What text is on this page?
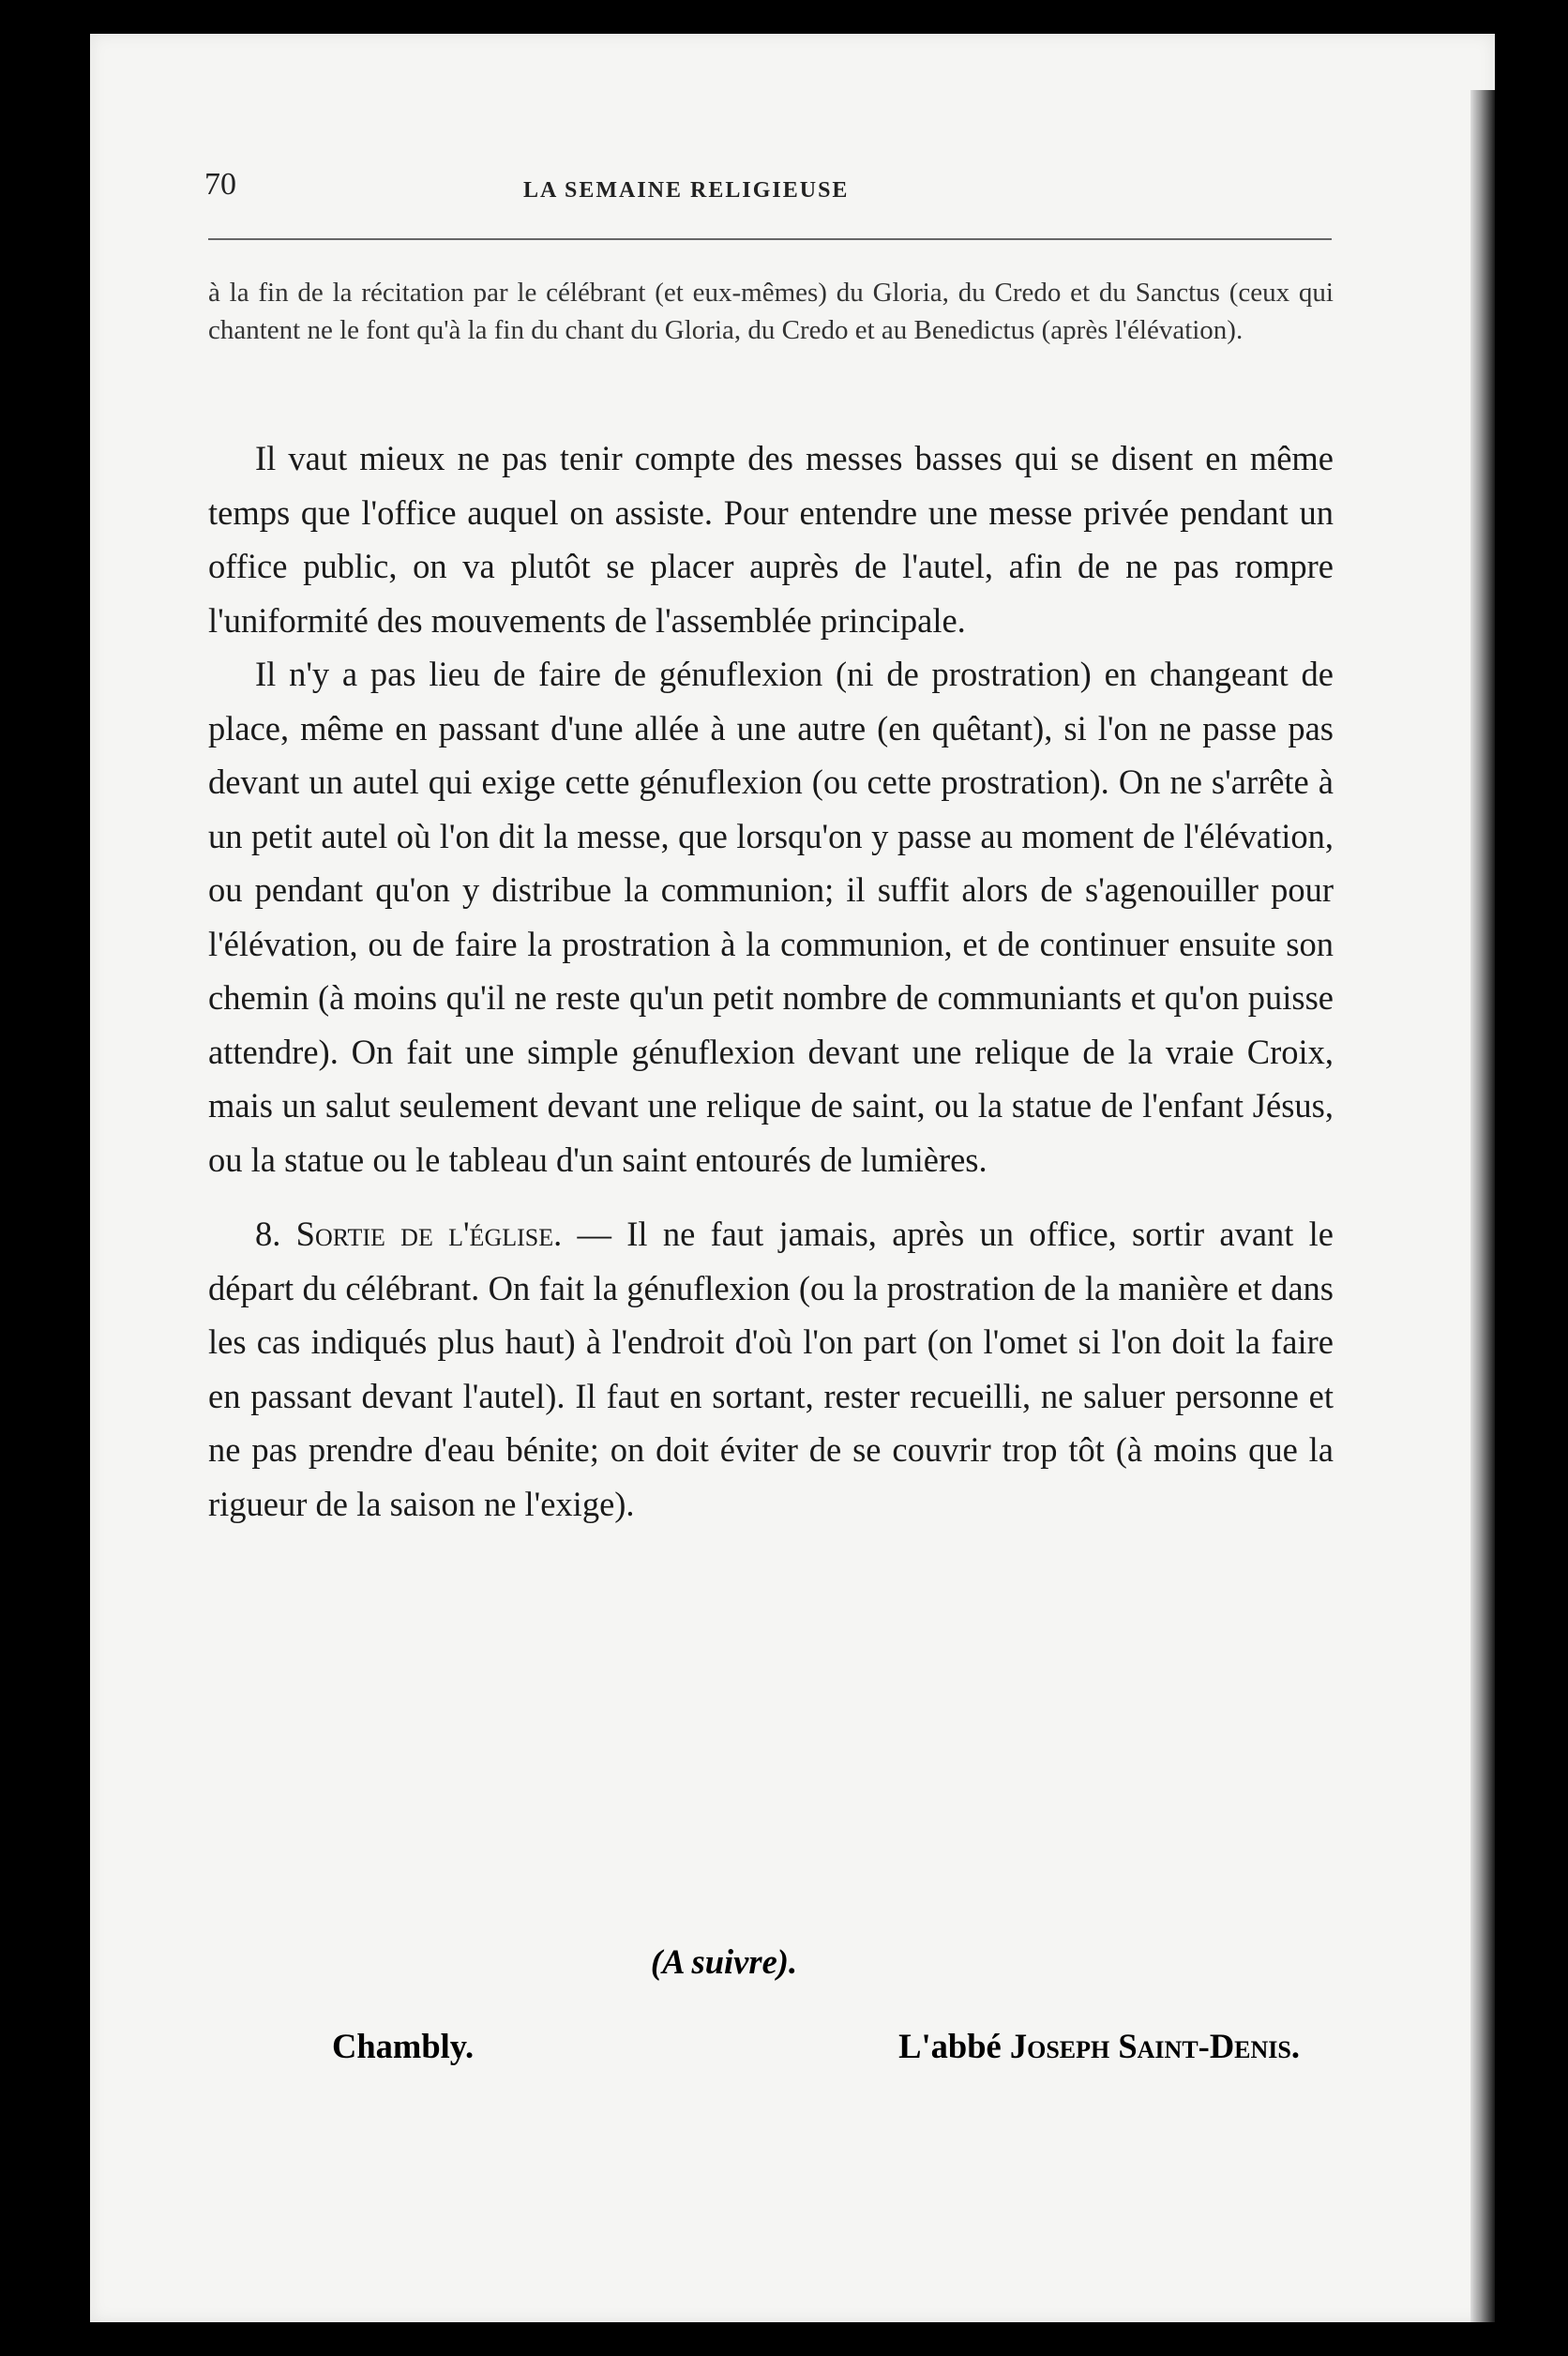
70	LA SEMAINE RELIGIEUSE
à la fin de la récitation par le célébrant (et eux-mêmes) du Gloria, du Credo et du Sanctus (ceux qui chantent ne le font qu'à la fin du chant du Gloria, du Credo et au Benedictus (après l'élévation).

Il vaut mieux ne pas tenir compte des messes basses qui se disent en même temps que l'office auquel on assiste. Pour entendre une messe privée pendant un office public, on va plutôt se placer auprès de l'autel, afin de ne pas rompre l'uniformité des mouvements de l'assemblée principale.

Il n'y a pas lieu de faire de génuflexion (ni de prostration) en changeant de place, même en passant d'une allée à une autre (en quêtant), si l'on ne passe pas devant un autel qui exige cette génuflexion (ou cette prostration). On ne s'arrête à un petit autel où l'on dit la messe, que lorsqu'on y passe au moment de l'élévation, ou pendant qu'on y distribue la communion; il suffit alors de s'agenouiller pour l'élévation, ou de faire la prostration à la communion, et de continuer ensuite son chemin (à moins qu'il ne reste qu'un petit nombre de communiants et qu'on puisse attendre). On fait une simple génuflexion devant une relique de la vraie Croix, mais un salut seulement devant une relique de saint, ou la statue de l'enfant Jésus, ou la statue ou le tableau d'un saint entourés de lumières.

8. Sortie de l'église. — Il ne faut jamais, après un office, sortir avant le départ du célébrant. On fait la génuflexion (ou la prostration de la manière et dans les cas indiqués plus haut) à l'endroit d'où l'on part (on l'omet si l'on doit la faire en passant devant l'autel). Il faut en sortant, rester recueilli, ne saluer personne et ne pas prendre d'eau bénite; on doit éviter de se couvrir trop tôt (à moins que la rigueur de la saison ne l'exige).

(A suivre).
Chambly.	L'abbé Joseph Saint-Denis.
